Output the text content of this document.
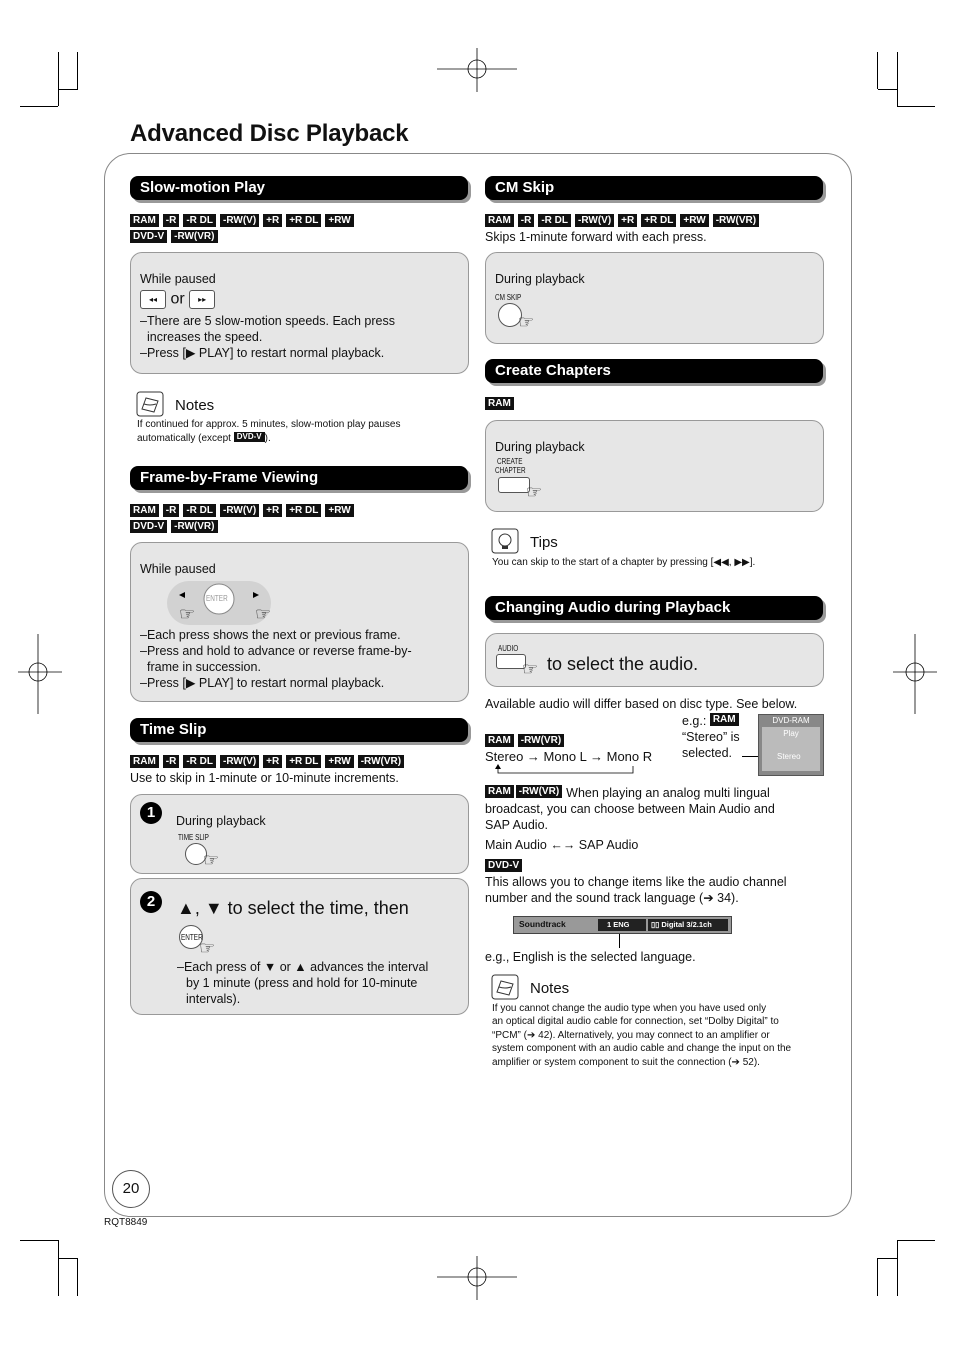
Advanced Disc Playback
Slow-motion Play
RAM -R -R DL -RW(V) +R +R DL +RW
DVD-V -RW(VR)
While paused
◂◂ or ▸▸
–There are 5 slow-motion speeds. Each press
increases the speed.
–Press [▶ PLAY] to restart normal playback.
Notes
If continued for approx. 5 minutes, slow-motion play pauses
automatically (except DVD-V ).
Frame-by-Frame Viewing
RAM -R -R DL -RW(V) +R +R DL +RW
DVD-V -RW(VR)
While paused
ENTER
☞	☞
–Each press shows the next or previous frame.
–Press and hold to advance or reverse frame-by-
frame in succession.
–Press [▶ PLAY] to restart normal playback.
Time Slip
RAM -R -R DL -RW(V) +R +R DL +RW -RW(VR)
Use to skip in 1-minute or 10-minute increments.
1	During playback
TIME SLIP
☞
2	▲, ▼ to select the time, then
ENTER
☞
–Each press of ▼ or ▲ advances the interval
by 1 minute (press and hold for 10-minute
intervals).
CM Skip
RAM -R -R DL -RW(V) +R +R DL +RW -RW(VR)
Skips 1-minute forward with each press.
During playback
CM SKIP
☞
Create Chapters
RAM
During playback
CREATE
CHAPTER
☞
Tips
You can skip to the start of a chapter by pressing [◀◀, ▶▶].
Changing Audio during Playback
AUDIO
☞ to select the audio.
Available audio will differ based on disc type. See below.
e.g.: RAM
“Stereo” is
selected.
DVD-RAM
Play
Stereo
RAM -RW(VR)
Stereo → Mono L → Mono R
RAM -RW(VR) When playing an analog multi lingual
broadcast, you can choose between Main Audio and
SAP Audio.
Main Audio ←→ SAP Audio
DVD-V
This allows you to change items like the audio channel
number and the sound track language (➔ 34).
Soundtrack	1 ENG	▯▯ Digital 3/2.1ch
e.g., English is the selected language.
Notes
If you cannot change the audio type when you have used only
an optical digital audio cable for connection, set “Dolby Digital” to
“PCM” (➔ 42). Alternatively, you may connect to an amplifier or
system component with an audio cable and change the input on the
amplifier or system component to suit the connection (➔ 52).
20
RQT8849
